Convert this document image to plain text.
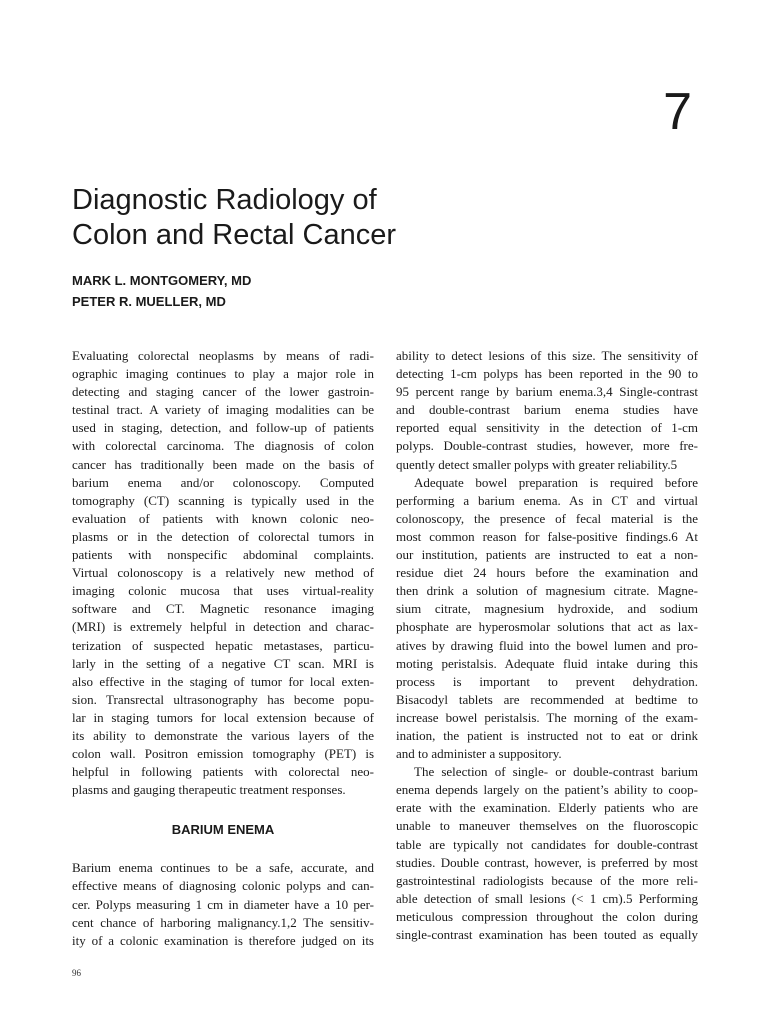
7
Diagnostic Radiology of
Colon and Rectal Cancer
MARK L. MONTGOMERY, MD
PETER R. MUELLER, MD
Evaluating colorectal neoplasms by means of radi-
ographic imaging continues to play a major role in
detecting and staging cancer of the lower gastroin-
testinal tract. A variety of imaging modalities can be
used in staging, detection, and follow-up of patients
with colorectal carcinoma. The diagnosis of colon
cancer has traditionally been made on the basis of
barium enema and/or colonoscopy. Computed
tomography (CT) scanning is typically used in the
evaluation of patients with known colonic neo-
plasms or in the detection of colorectal tumors in
patients with nonspecific abdominal complaints.
Virtual colonoscopy is a relatively new method of
imaging colonic mucosa that uses virtual-reality
software and CT. Magnetic resonance imaging
(MRI) is extremely helpful in detection and charac-
terization of suspected hepatic metastases, particu-
larly in the setting of a negative CT scan. MRI is
also effective in the staging of tumor for local exten-
sion. Transrectal ultrasonography has become popu-
lar in staging tumors for local extension because of
its ability to demonstrate the various layers of the
colon wall. Positron emission tomography (PET) is
helpful in following patients with colorectal neo-
plasms and gauging therapeutic treatment responses.
BARIUM ENEMA
Barium enema continues to be a safe, accurate, and
effective means of diagnosing colonic polyps and can-
cer. Polyps measuring 1 cm in diameter have a 10 per-
cent chance of harboring malignancy.1,2 The sensitiv-
ity of a colonic examination is therefore judged on its
ability to detect lesions of this size. The sensitivity of
detecting 1-cm polyps has been reported in the 90 to
95 percent range by barium enema.3,4 Single-contrast
and double-contrast barium enema studies have
reported equal sensitivity in the detection of 1-cm
polyps. Double-contrast studies, however, more fre-
quently detect smaller polyps with greater reliability.5
Adequate bowel preparation is required before
performing a barium enema. As in CT and virtual
colonoscopy, the presence of fecal material is the
most common reason for false-positive findings.6 At
our institution, patients are instructed to eat a non-
residue diet 24 hours before the examination and
then drink a solution of magnesium citrate. Magne-
sium citrate, magnesium hydroxide, and sodium
phosphate are hyperosmolar solutions that act as lax-
atives by drawing fluid into the bowel lumen and pro-
moting peristalsis. Adequate fluid intake during this
process is important to prevent dehydration.
Bisacodyl tablets are recommended at bedtime to
increase bowel peristalsis. The morning of the exam-
ination, the patient is instructed not to eat or drink
and to administer a suppository.
The selection of single- or double-contrast barium
enema depends largely on the patient’s ability to coop-
erate with the examination. Elderly patients who are
unable to maneuver themselves on the fluoroscopic
table are typically not candidates for double-contrast
studies. Double contrast, however, is preferred by most
gastrointestinal radiologists because of the more reli-
able detection of small lesions (< 1 cm).5 Performing
meticulous compression throughout the colon during
single-contrast examination has been touted as equally
96
